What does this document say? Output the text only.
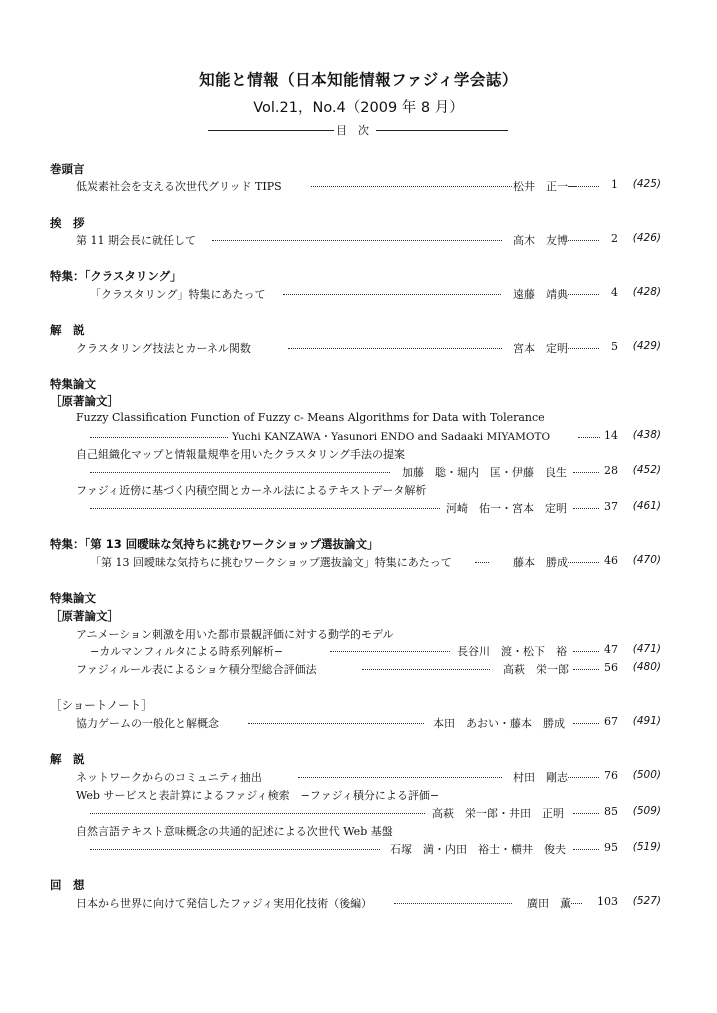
知能と情報（日本知能情報ファジィ学会誌）
Vol.21，No.4（2009 年 8 月）
目 次
巻頭言
低炭素社会を支える次世代グリッド TIPS	松井　正一	1	(425)
挨　拶
第 11 期会長に就任して	高木　友博	2	(426)
特集：「クラスタリング」
「クラスタリング」特集にあたって	遠藤　靖典	4	(428)
解　説
クラスタリング技法とカーネル関数	宮本　定明	5	(429)
特集論文
［原著論文］
Fuzzy Classification Function of Fuzzy c- Means Algorithms for Data with Tolerance
Yuchi KANZAWA・Yasunori ENDO and Sadaaki MIYAMOTO	14	(438)
自己組織化マップと情報量規準を用いたクラスタリング手法の提案
加藤　聡・堀内　匡・伊藤　良生	28	(452)
ファジィ近傍に基づく内積空間とカーネル法によるテキストデータ解析
河崎　佑一・宮本　定明	37	(461)
特集：「第 13 回曖昧な気持ちに挑むワークショップ選抜論文」
「第 13 回曖昧な気持ちに挑むワークショップ選抜論文」特集にあたって	藤本　勝成	46	(470)
特集論文
［原著論文］
アニメーション刺激を用いた都市景観評価に対する動学的モデル
−カルマンフィルタによる時系列解析−	長谷川　渡・松下　裕	47	(471)
ファジィルール表によるショケ積分型総合評価法	高萩　栄一郎	56	(480)
［ショートノート］
協力ゲームの一般化と解概念	本田　あおい・藤本　勝成	67	(491)
解　説
ネットワークからのコミュニティ抽出	村田　剛志	76	(500)
Web サービスと表計算によるファジィ検索　−ファジィ積分による評価−
高萩　栄一郎・井田　正明	85	(509)
自然言語テキスト意味概念の共通的記述による次世代 Web 基盤
石塚　満・内田　裕士・横井　俊夫	95	(519)
回　想
日本から世界に向けて発信したファジィ実用化技術（後編）	廣田　薫	103	(527)
